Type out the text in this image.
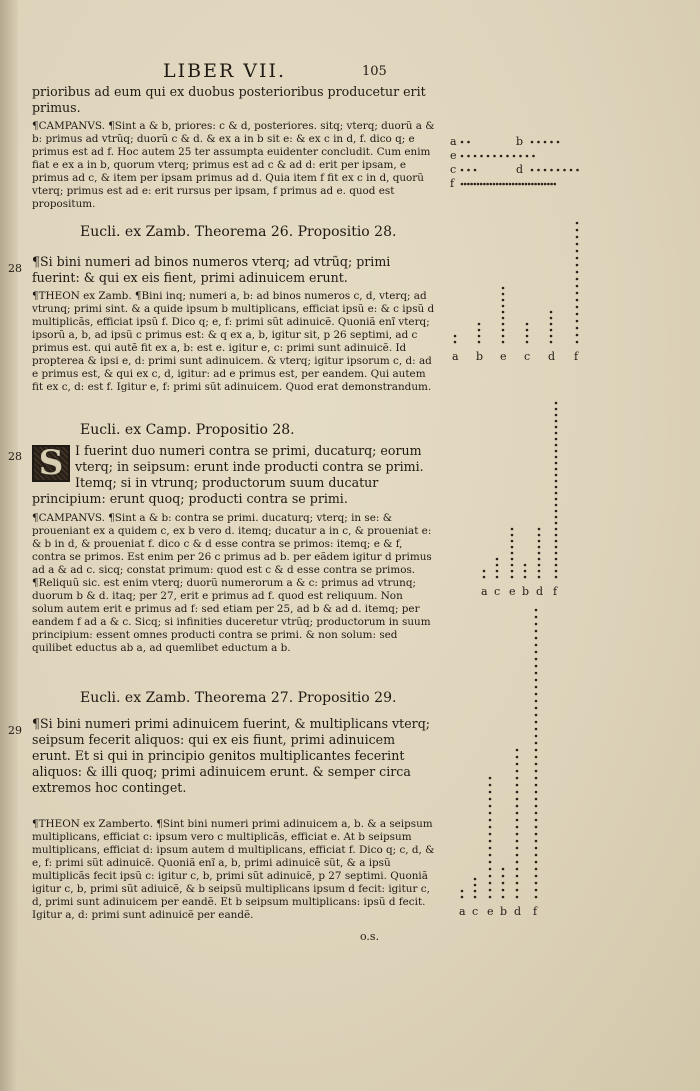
LIBER VII.	105

prioribus ad eum qui ex duobus posterioribus producetur erit primus.

¶CAMPANVS. ¶Sint a & b, priores: c & d, posteriores. sitq; vterq; duorũ a & b: primus ad vtrũq; duorũ c & d. & ex a in b sit e: & ex c in d, f. dico q; e primus est ad f. Hoc autem 25 ter assumpta euidenter concludit. Cum enim fiat e ex a in b, quorum vterq; primus est ad c & ad d: erit per ipsam, e primus ad c, & item per ipsam primus ad d. Quia item f fit ex c in d, quorũ vterq; primus est ad e: erit rursus per ipsam, f primus ad e. quod est propositum.

Eucli. ex Zamb. Theorema 26. Propositio 28.
28 ¶Si bini numeri ad binos numeros vterq; ad vtrũq; primi fuerint: & qui ex eis fient, primi adinuicem erunt.

¶THEON ex Zamb. ¶Bini inq; numeri a, b: ad binos numeros c, d, vterq; ad vtrunq; primi sint. & a quide ipsum b multiplicans, efficiat ipsũ e: & c ipsũ d multiplicãs, efficiat ipsũ f. Dico q; e, f: primi sũt adinuicẽ. Quoniã enĩ vterq; ipsorũ a, b, ad ipsũ c primus est: & q ex a, b, igitur sit, p 26 septimi, ad c primus est. qui autẽ fit ex a, b: est e. igitur e, c: primi sunt adinuicẽ. Id propterea & ipsi e, d: primi sunt adinuicem. & vterq; igitur ipsorum c, d: ad e primus est, & qui ex c, d, igitur: ad e primus est, per eandem. Qui autem fit ex c, d: est f. Igitur e, f: primi sũt adinuicem. Quod erat demonstrandum.

Eucli. ex Camp. Propositio 28.
28 S I fuerint duo numeri contra se primi, ducaturq; eorum vterq; in seipsum: erunt inde producti contra se primi. Itemq; si in vtrunq; productorum suum ducatur principium: erunt quoq; producti contra se primi.

¶CAMPANVS. ¶Sint a & b: contra se primi. ducaturq; vterq; in se: & proueniant ex a quidem c, ex b vero d. itemq; ducatur a in c, & proueniat e: & b in d, & proueniat f. dico c & d esse contra se primos: itemq; e & f, contra se primos. Est enim per 26 c primus ad b. per eãdem igitur d primus ad a & ad c. sicq; constat primum: quod est c & d esse contra se primos. ¶Reliquũ sic. est enim vterq; duorũ numerorum a & c: primus ad vtrunq; duorum b & d. itaq; per 27, erit e primus ad f. quod est reliquum. Non solum autem erit e primus ad f: sed etiam per 25, ad b & ad d. itemq; per eandem f ad a & c. Sicq; si infinities duceretur vtrũq; productorum in suum principium: essent omnes producti contra se primi. & non solum: sed quilibet eductus ab a, ad quemlibet eductum a b.

Eucli. ex Zamb. Theorema 27. Propositio 29.
29 ¶Si bini numeri primi adinuicem fuerint, & multiplicans vterq; seipsum fecerit aliquos: qui ex eis fiunt, primi adinuicem erunt. Et si qui in principio genitos multiplicantes fecerint aliquos: & illi quoq; primi adinuicem erunt. & semper circa extremos hoc continget.

¶THEON ex Zamberto. ¶Sint bini numeri primi adinuicem a, b. & a seipsum multiplicans, efficiat c: ipsum vero c multiplicãs, efficiat e. At b seipsum multiplicans, efficiat d: ipsum autem d multiplicans, efficiat f. Dico q; c, d, & e, f: primi sũt adinuicẽ. Quoniã enĩ a, b, primi adinuicẽ sũt, & a ipsũ multiplicãs fecit ipsũ c: igitur c, b, primi sũt adinuicẽ, p 27 septimi. Quoniã igitur c, b, primi sũt adiuicẽ, & b seipsũ multiplicans ipsum d fecit: igitur c, d, primi sunt adinuicem per eandẽ. Et b seipsum multiplicans: ipsũ d fecit. Igitur a, d: primi sunt adinuicẽ per eandẽ.

o.s.
a	b
e
c	d
f
a b e c d f
a c e b d f
a c e b d f
